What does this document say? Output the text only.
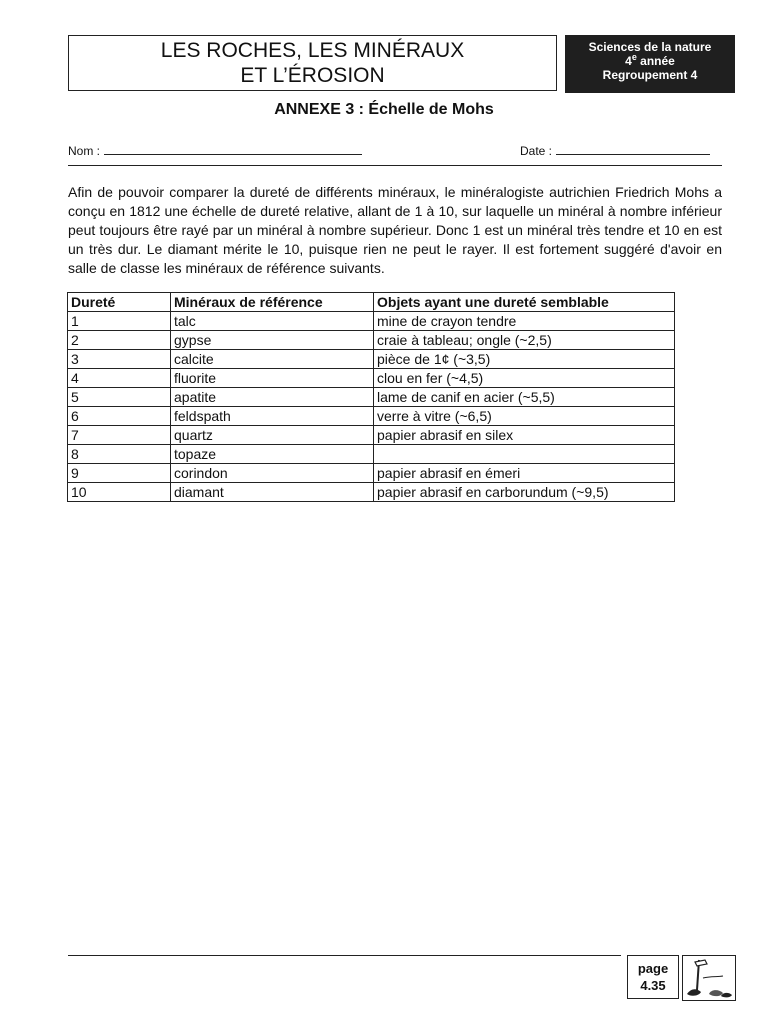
LES ROCHES, LES MINÉRAUX
ET L’ÉROSION
Sciences de la nature
4e année
Regroupement 4
ANNEXE 3 : Échelle de Mohs
Nom :	Date :

Afin de pouvoir comparer la dureté de différents minéraux, le minéralogiste autrichien Friedrich Mohs a conçu en 1812 une échelle de dureté relative, allant de 1 à 10, sur laquelle un minéral à nombre inférieur peut toujours être rayé par un minéral à nombre supérieur. Donc 1 est un minéral très tendre et 10 en est un très dur. Le diamant mérite le 10, puisque rien ne peut le rayer. Il est fortement suggéré d'avoir en salle de classe les minéraux de référence suivants.

Dureté	Minéraux de référence	Objets ayant une dureté semblable
1	talc	mine de crayon tendre
2	gypse	craie à tableau; ongle (~2,5)
3	calcite	pièce de 1¢ (~3,5)
4	fluorite	clou en fer (~4,5)
5	apatite	lame de canif en acier (~5,5)
6	feldspath	verre à vitre (~6,5)
7	quartz	papier abrasif en silex
8	topaze	
9	corindon	papier abrasif en émeri
10	diamant	papier abrasif en carborundum (~9,5)
page
4.35
